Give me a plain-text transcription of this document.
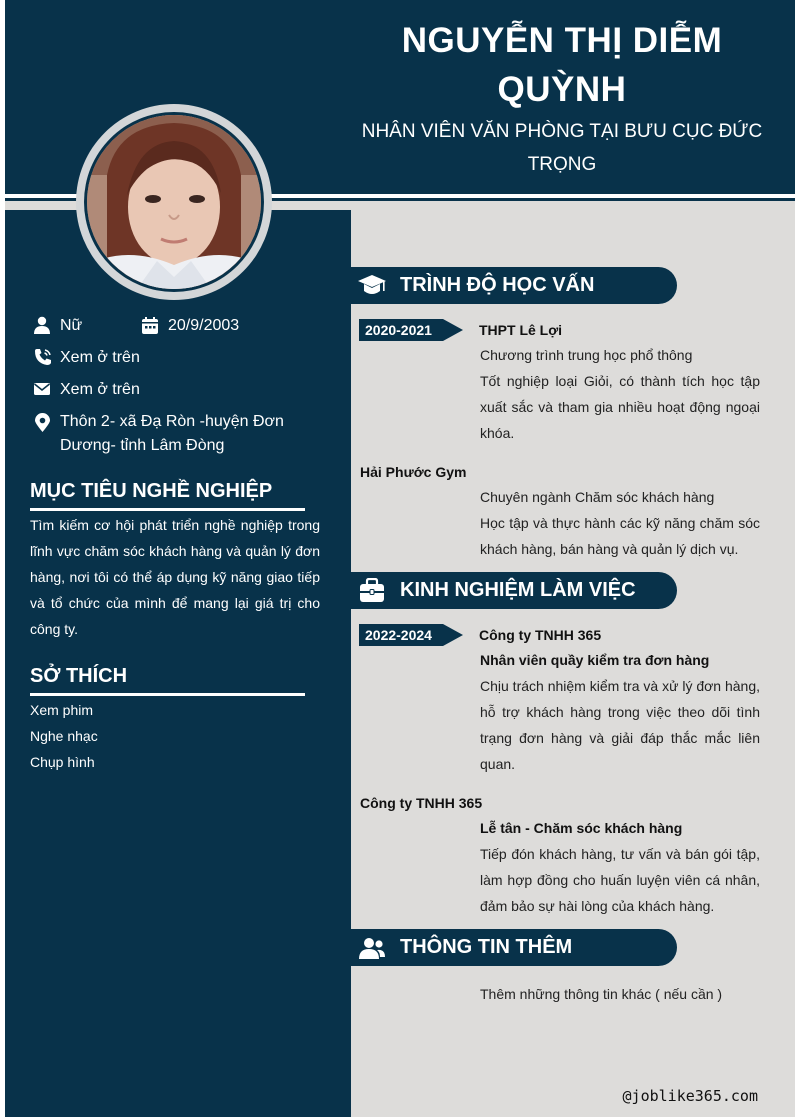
NGUYỄN THỊ DIỄM QUỲNH
NHÂN VIÊN VĂN PHÒNG TẠI BƯU CỤC ĐỨC TRỌNG
Nữ	20/9/2003
Xem ở trên
Xem ở trên
Thôn 2- xã Đạ Ròn -huyện Đơn Dương- tỉnh Lâm Đòng
MỤC TIÊU NGHỀ NGHIỆP
Tìm kiếm cơ hội phát triển nghề nghiệp trong lĩnh vực chăm sóc khách hàng và quản lý đơn hàng, nơi tôi có thể áp dụng kỹ năng giao tiếp và tổ chức của mình để mang lại giá trị cho công ty.
SỞ THÍCH
Xem phim
Nghe nhạc
Chụp hình
TRÌNH ĐỘ HỌC VẤN
2020-2021	THPT Lê Lợi
Chương trình trung học phổ thông
Tốt nghiệp loại Giỏi, có thành tích học tập xuất sắc và tham gia nhiều hoạt động ngoại khóa.
Hải Phước Gym
Chuyên ngành Chăm sóc khách hàng
Học tập và thực hành các kỹ năng chăm sóc khách hàng, bán hàng và quản lý dịch vụ.
KINH NGHIỆM LÀM VIỆC
2022-2024	Công ty TNHH 365
Nhân viên quầy kiểm tra đơn hàng
Chịu trách nhiệm kiểm tra và xử lý đơn hàng, hỗ trợ khách hàng trong việc theo dõi tình trạng đơn hàng và giải đáp thắc mắc liên quan.
Công ty TNHH 365
Lễ tân - Chăm sóc khách hàng
Tiếp đón khách hàng, tư vấn và bán gói tập, làm hợp đồng cho huấn luyện viên cá nhân, đảm bảo sự hài lòng của khách hàng.
THÔNG TIN THÊM
Thêm những thông tin khác ( nếu cần )
@joblike365.com
